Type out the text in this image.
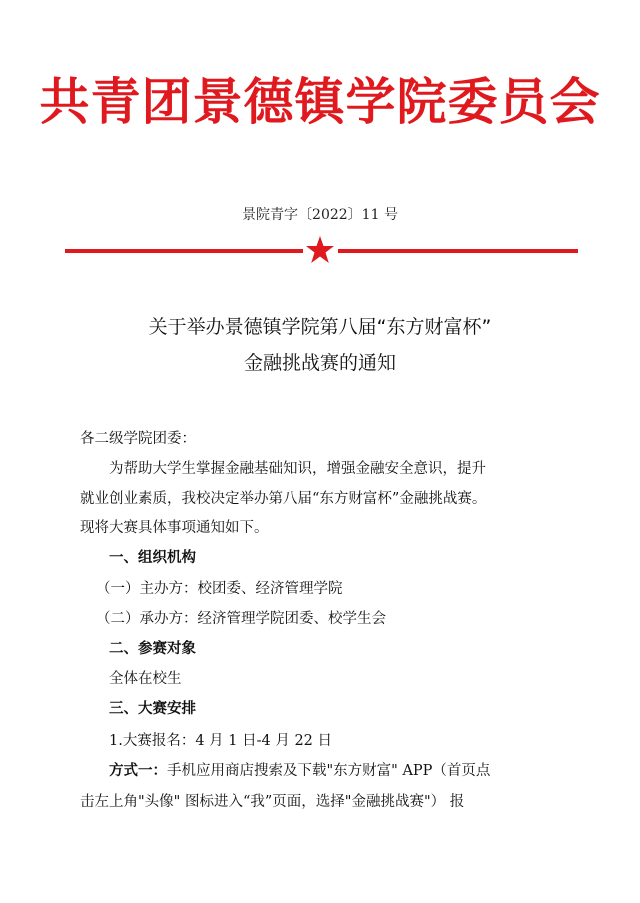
共青团景德镇学院委员会
景院青字〔2022〕11 号
关于举办景德镇学院第八届“东方财富杯”
金融挑战赛的通知
各二级学院团委：
为帮助大学生掌握金融基础知识，增强金融安全意识，提升
就业创业素质，我校决定举办第八届“东方财富杯”金融挑战赛。
现将大赛具体事项通知如下。
一、组织机构
（一）主办方：校团委、经济管理学院
（二）承办方：经济管理学院团委、校学生会
二、参赛对象
全体在校生
三、大赛安排
1.大赛报名：4 月 1 日-4 月 22 日
方式一：手机应用商店搜索及下载"东方财富" APP（首页点
击左上角"头像" 图标进入“我”页面，选择"金融挑战赛"） 报
